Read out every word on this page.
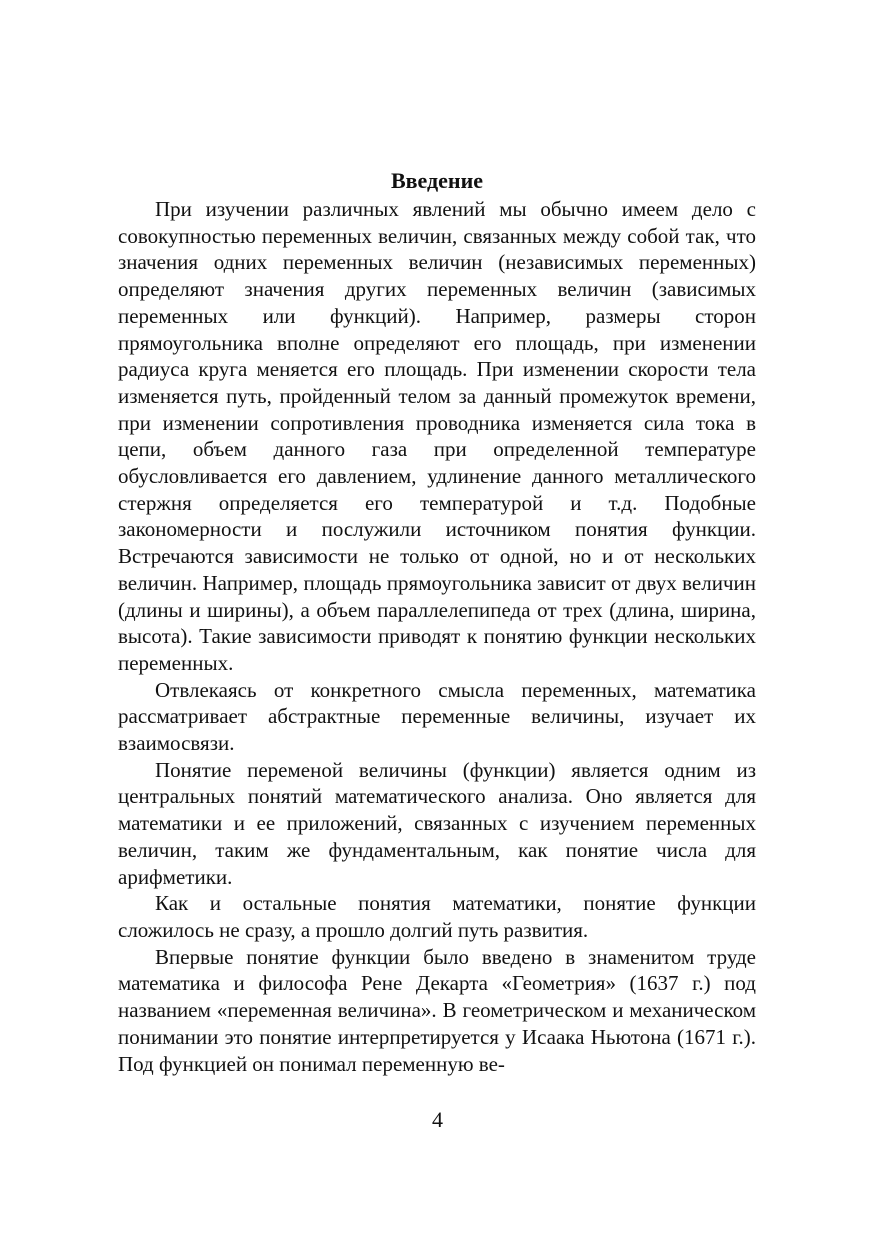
Введение

При изучении различных явлений мы обычно имеем дело с совокупностью переменных величин, связанных между собой так, что значения одних переменных величин (независимых переменных) определяют значения других переменных величин (зависимых переменных или функций). Например, размеры сторон прямоугольника вполне определяют его площадь, при изменении радиуса круга меняется его площадь. При изменении скорости тела изменяется путь, пройденный телом за данный промежуток времени, при изменении сопротивления проводника изменяется сила тока в цепи, объем данного газа при определенной температуре обусловливается его давлением, удлинение данного металлического стержня определяется его температурой и т.д. Подобные закономерности и послужили источником понятия функции. Встречаются зависимости не только от одной, но и от нескольких величин. Например, площадь прямоугольника зависит от двух величин (длины и ширины), а объем параллелепипеда от трех (длина, ширина, высота). Такие зависимости приводят к понятию функции нескольких переменных.

Отвлекаясь от конкретного смысла переменных, математика рассматривает абстрактные переменные величины, изучает их взаимосвязи.

Понятие переменой величины (функции) является одним из центральных понятий математического анализа. Оно является для математики и ее приложений, связанных с изучением переменных величин, таким же фундаментальным, как понятие числа для арифметики.

Как и остальные понятия математики, понятие функции сложилось не сразу, а прошло долгий путь развития.

Впервые понятие функции было введено в знаменитом труде математика и философа Рене Декарта «Геометрия» (1637 г.) под названием «переменная величина». В геометрическом и механическом понимании это понятие интерпретируется у Исаака Ньютона (1671 г.). Под функцией он понимал переменную ве-

4
